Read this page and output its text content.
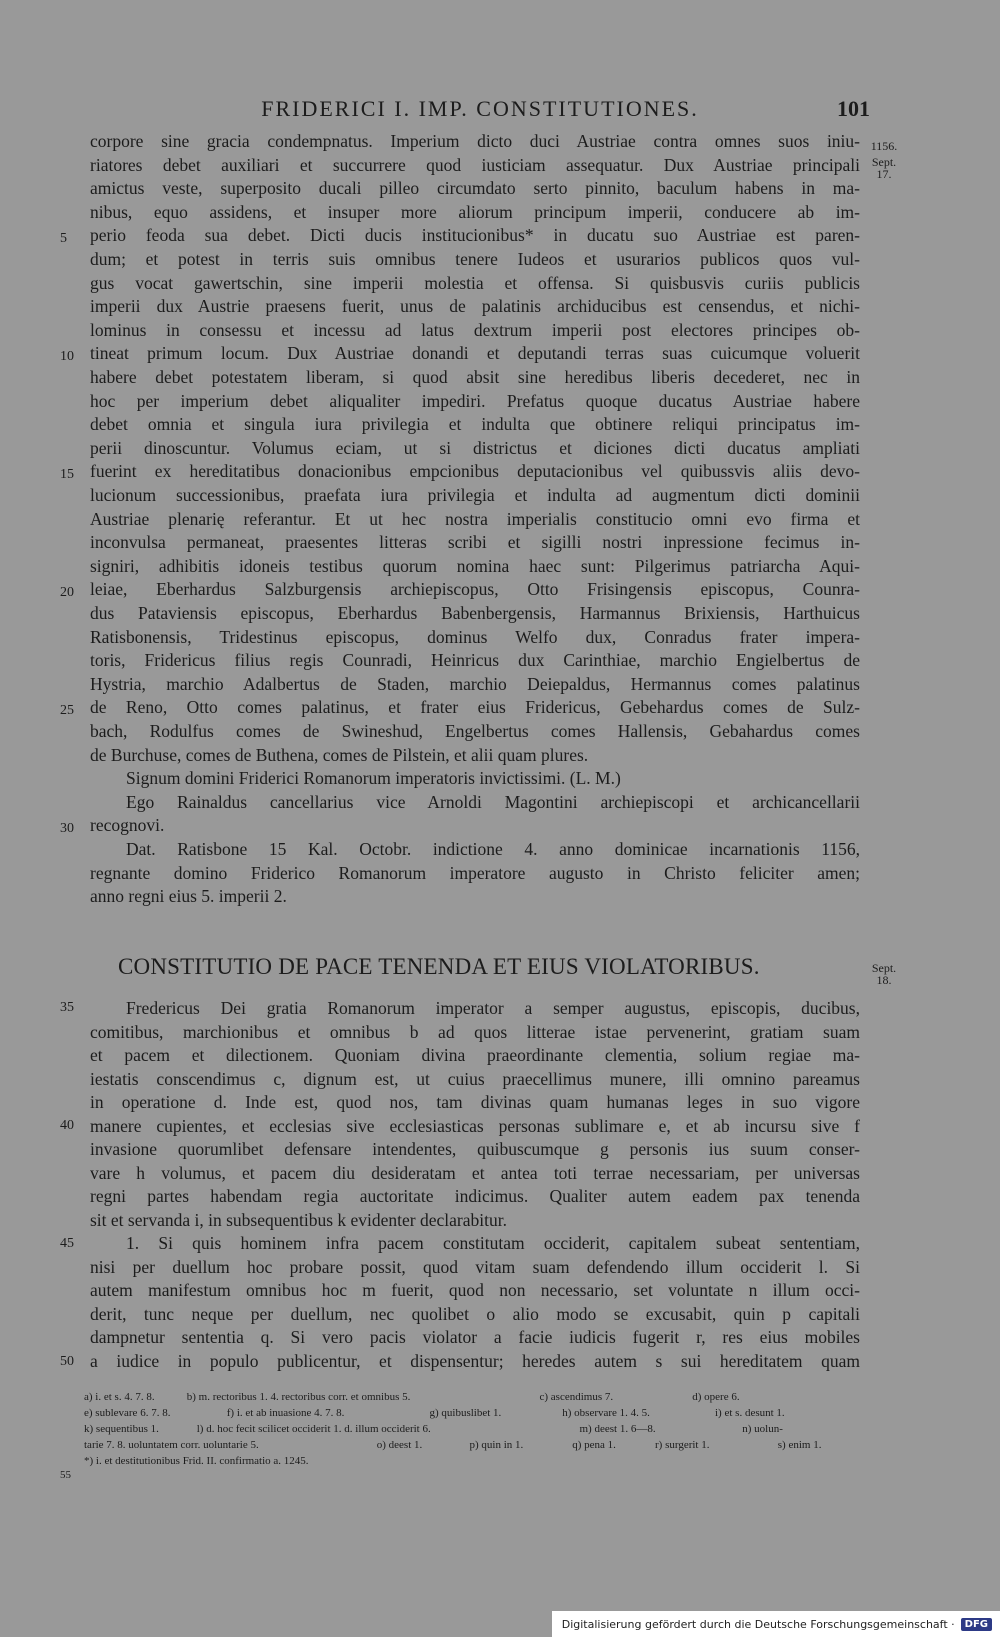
FRIDERICI I. IMP. CONSTITUTIONES.	101
1156.
Sept.
17.
Sept.
18.
5
10
15
20
25
30
35
40
45
50
55
corpore sine gracia condempnatus. Imperium dicto duci Austriae contra omnes suos iniu-
riatores debet auxiliari et succurrere quod iusticiam assequatur. Dux Austriae principali
amictus veste, superposito ducali pilleo circumdato serto pinnito, baculum habens in ma-
nibus, equo assidens, et insuper more aliorum principum imperii, conducere ab im-
perio feoda sua debet. Dicti ducis institucionibus* in ducatu suo Austriae est paren-
dum; et potest in terris suis omnibus tenere Iudeos et usurarios publicos quos vul-
gus vocat gawertschin, sine imperii molestia et offensa. Si quisbusvis curiis publicis
imperii dux Austrie praesens fuerit, unus de palatinis archiducibus est censendus, et nichi-
lominus in consessu et incessu ad latus dextrum imperii post electores principes ob-
tineat primum locum. Dux Austriae donandi et deputandi terras suas cuicumque voluerit
habere debet potestatem liberam, si quod absit sine heredibus liberis decederet, nec in
hoc per imperium debet aliqualiter impediri. Prefatus quoque ducatus Austriae habere
debet omnia et singula iura privilegia et indulta que obtinere reliqui principatus im-
perii dinoscuntur. Volumus eciam, ut si districtus et diciones dicti ducatus ampliati
fuerint ex hereditatibus donacionibus empcionibus deputacionibus vel quibussvis aliis devo-
lucionum successionibus, praefata iura privilegia et indulta ad augmentum dicti dominii
Austriae plenarię referantur. Et ut hec nostra imperialis constitucio omni evo firma et
inconvulsa permaneat, praesentes litteras scribi et sigilli nostri inpressione fecimus in-
signiri, adhibitis idoneis testibus quorum nomina haec sunt: Pilgerimus patriarcha Aqui-
leiae, Eberhardus Salzburgensis archiepiscopus, Otto Frisingensis episcopus, Counra-
dus Pataviensis episcopus, Eberhardus Babenbergensis, Harmannus Brixiensis, Harthuicus
Ratisbonensis, Tridestinus episcopus, dominus Welfo dux, Conradus frater impera-
toris, Fridericus filius regis Counradi, Heinricus dux Carinthiae, marchio Engielbertus de
Hystria, marchio Adalbertus de Staden, marchio Deiepaldus, Hermannus comes palatinus
de Reno, Otto comes palatinus, et frater eius Fridericus, Gebehardus comes de Sulz-
bach, Rodulfus comes de Swineshud, Engelbertus comes Hallensis, Gebahardus comes
de Burchuse, comes de Buthena, comes de Pilstein, et alii quam plures.
Signum domini Friderici Romanorum imperatoris invictissimi. (L. M.)
Ego Rainaldus cancellarius vice Arnoldi Magontini archiepiscopi et archicancellarii
recognovi.
Dat. Ratisbone 15 Kal. Octobr. indictione 4. anno dominicae incarnationis 1156,
regnante domino Friderico Romanorum imperatore augusto in Christo feliciter amen;
anno regni eius 5. imperii 2.
CONSTITUTIO DE PACE TENENDA ET EIUS VIOLATORIBUS.
Fredericus Dei gratia Romanorum imperator a semper augustus, episcopis, ducibus,
comitibus, marchionibus et omnibus b ad quos litterae istae pervenerint, gratiam suam
et pacem et dilectionem. Quoniam divina praeordinante clementia, solium regiae ma-
iestatis conscendimus c, dignum est, ut cuius praecellimus munere, illi omnino pareamus
in operatione d. Inde est, quod nos, tam divinas quam humanas leges in suo vigore
manere cupientes, et ecclesias sive ecclesiasticas personas sublimare e, et ab incursu sive f
invasione quorumlibet defensare intendentes, quibuscumque g personis ius suum conser-
vare h volumus, et pacem diu desideratam et antea toti terrae necessariam, per universas
regni partes habendam regia auctoritate indicimus. Qualiter autem eadem pax tenenda
sit et servanda i, in subsequentibus k evidenter declarabitur.
1. Si quis hominem infra pacem constitutam occiderit, capitalem subeat sententiam,
nisi per duellum hoc probare possit, quod vitam suam defendendo illum occiderit l. Si
autem manifestum omnibus hoc m fuerit, quod non necessario, set voluntate n illum occi-
derit, tunc neque per duellum, nec quolibet o alio modo se excusabit, quin p capitali
dampnetur sententia q. Si vero pacis violator a facie iudicis fugerit r, res eius mobiles
a iudice in populo publicentur, et dispensentur; heredes autem s sui hereditatem quam
a) i. et s. 4. 7. 8.	b) m. rectoribus 1. 4. rectoribus corr. et omnibus 5.	c) ascendimus 7.	d) opere 6.
e) sublevare 6. 7. 8.	f) i. et ab inuasione 4. 7. 8.	g) quibuslibet 1.	h) observare 1. 4. 5.	i) et s. desunt 1.
k) sequentibus 1.	l) d. hoc fecit scilicet occiderit 1. d. illum occiderit 6.	m) deest 1. 6—8.	n) uolun-
tarie 7. 8. uoluntatem corr. uoluntarie 5.	o) deest 1.	p) quin in 1.	q) pena 1.	r) surgerit 1.	s) enim 1.
*) i. et destitutionibus Frid. II. confirmatio a. 1245.
Digitalisierung gefördert durch die Deutsche Forschungsgemeinschaft ·	DFG
